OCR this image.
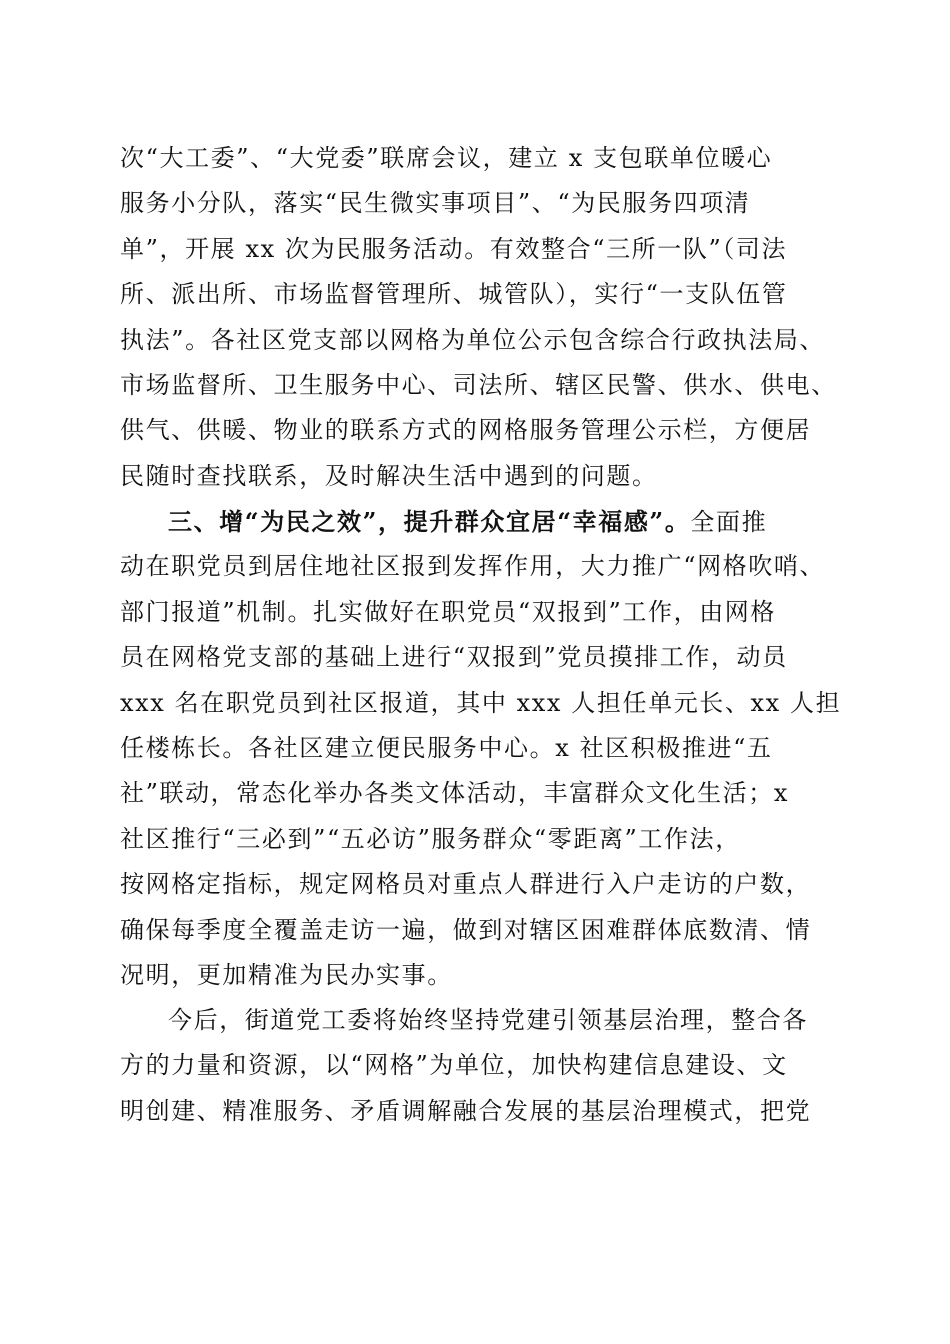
次“大工委”、“大党委”联席会议，建立 x 支包联单位暖心
服务小分队，落实“民生微实事项目”、“为民服务四项清
单”，开展 xx 次为民服务活动。有效整合“三所一队”（司法
所、派出所、市场监督管理所、城管队），实行“一支队伍管
执法”。各社区党支部以网格为单位公示包含综合行政执法局、
市场监督所、卫生服务中心、司法所、辖区民警、供水、供电、
供气、供暖、物业的联系方式的网格服务管理公示栏，方便居
民随时查找联系，及时解决生活中遇到的问题。
三、增“为民之效”，提升群众宜居“幸福感”。全面推
动在职党员到居住地社区报到发挥作用，大力推广“网格吹哨、
部门报道”机制。扎实做好在职党员“双报到”工作，由网格
员在网格党支部的基础上进行“双报到”党员摸排工作，动员
xxx 名在职党员到社区报道，其中 xxx 人担任单元长、xx 人担
任楼栋长。各社区建立便民服务中心。x 社区积极推进“五
社”联动，常态化举办各类文体活动，丰富群众文化生活；x
社区推行“三必到”“五必访”服务群众“零距离”工作法，
按网格定指标，规定网格员对重点人群进行入户走访的户数，
确保每季度全覆盖走访一遍，做到对辖区困难群体底数清、情
况明，更加精准为民办实事。
今后，街道党工委将始终坚持党建引领基层治理，整合各
方的力量和资源，以“网格”为单位，加快构建信息建设、文
明创建、精准服务、矛盾调解融合发展的基层治理模式，把党
